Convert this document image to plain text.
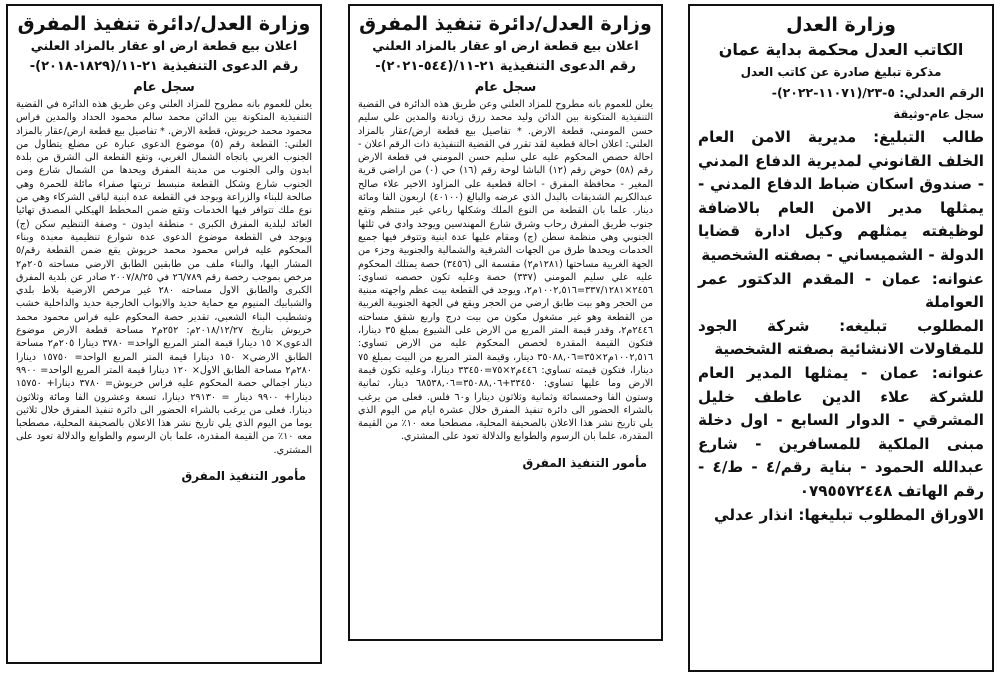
وزارة العدل
الكاتب العدل محكمة بداية عمان
مذكرة تبليغ صادرة عن كاتب العدل
الرقم العدلي: ٥-٢٣/(١١٠٧١-٢٠٢٢)-
سجل عام-وثيقة

طالب التبليغ: مديرية الامن العام الخلف القانوني لمديرية الدفاع المدني - صندوق اسكان ضباط الدفاع المدني - يمثلها مدير الامن العام بالاضافة لوظيفته يمثلهم وكيل ادارة قضايا الدولة - الشميساني - بصفته الشخصية

عنوانه: عمان - المقدم الدكتور عمر العواملة

المطلوب تبليغه: شركة الجود للمقاولات الانشائية بصفته الشخصية

عنوانه: عمان - يمثلها المدير العام للشركة علاء الدين عاطف خليل المشرقي - الدوار السابع - اول دخلة مبنى الملكية للمسافرين - شارع عبدالله الحمود - بناية رقم/٤ - ط/٤ - رقم الهاتف ٠٧٩٥٥٧٢٤٤٨

الاوراق المطلوب تبليغها: انذار عدلي

وزارة العدل/دائرة تنفيذ المفرق
اعلان بيع قطعة ارض او عقار بالمزاد العلني
رقم الدعوى التنفيذية ٢١-١١/(٥٤٤-٢٠٢١)-
سجل عام

يعلن للعموم بانه مطروح للمزاد العلني وعن طريق هذه الدائرة في القضية التنفيذية المتكونة بين الدائن وليد محمد رزق زيادنة والمدين علي سليم حسن المومني، قطعة الارض. * تفاصيل بيع قطعة ارض/عقار بالمزاد العلني: اعلان احالة قطعية لقد تقرر في القضية التنفيذية ذات الرقم اعلان - احالة حصص المحكوم عليه علي سليم حسن المومني في قطعة الارض رقم (٥٨) حوض رقم (١٢) الباشا لوحة رقم (١٦) حي (٠) من اراضي قرية المغير - محافظة المفرق - احالة قطعية على المزاود الاخير علاء صالح عبدالكريم الشديفات بالبدل الذي عرضه والبالغ (٤٠١٠٠) اربعون الفا ومائة دينار. علما بان القطعة من النوع الملك وشكلها رباعي غير منتظم وتقع جنوب طريق المفرق رحاب وشرق شارع المهندسين ويوجد وادي في ثلثها الجنوبي وهي منظمة سطن (ج) ومقام عليها عدة ابنية وتتوفر فيها جميع الخدمات ويحدها طرق من الجهات الشرقية والشمالية والجنوبية وجزء من الجهة الغربية مساحتها (١٢٨١م٢) مقسمة الى (٣٤٥٦) حصة يمتلك المحكوم عليه علي سليم المومني (٣٣٧) حصة وعليه تكون حصصه تساوي: ٢٤٥٦×٣٣٧/١٢٨١=١٠٠٢,٥١٦م٢، ويوجد في القطعة بيت عظم واجهته مبنية من الحجر وهو بيت طابق ارضي من الحجر ويقع في الجهة الجنوبية الغربية من القطعة وهو غير مشغول مكون من بيت درج واربع شقق مساحته ٢٤٤٦م٢، وقدر قيمة المتر المربع من الارض على الشيوع بمبلغ ٣٥ دينارا، فتكون القيمة المقدرة لحصص المحكوم عليه من الارض تساوي: ١٠٠٢,٥١٦م٢×٣٥=٣٥٠٨٨,٠٦ دينار، وقيمة المتر المربع من البيت بمبلغ ٧٥ دينارا، فتكون قيمته تساوي: ٤٤٦م٢×٧٥=٣٣٤٥٠ دينارا، وعليه تكون قيمة الارض وما عليها تساوي: ٣٣٤٥٠+٣٥٠٨٨,٠٦=٦٨٥٣٨,٠٦ دينار، ثمانية وستون الفا وخمسمائة وثمانية وثلاثون دينارا و٦٠ فلس. فعلى من يرغب بالشراء الحضور الى دائرة تنفيذ المفرق خلال عشرة ايام من اليوم الذي يلي تاريخ نشر هذا الاعلان بالصحيفة المحلية، مصطحبا معه ١٠٪ من القيمة المقدرة، علما بان الرسوم والطوابع والدلالة تعود على المشتري.

مأمور التنفيذ المفرق
وزارة العدل/دائرة تنفيذ المفرق
اعلان بيع قطعة ارض او عقار بالمزاد العلني
رقم الدعوى التنفيذية ٢١-١١/(١٨٢٩-٢٠١٨)-
سجل عام

يعلن للعموم بانه مطروح للمزاد العلني وعن طريق هذه الدائرة في القضية التنفيذية المتكونة بين الدائن محمد سالم محمود الحداد والمدين فراس محمود محمد خريوش، قطعة الارض. * تفاصيل بيع قطعة ارض/عقار بالمزاد العلني: القطعة رقم (٥) موضوع الدعوى عبارة عن مضلع يتطاول من الجنوب الغربي باتجاه الشمال الغربي، وتقع القطعة الى الشرق من بلدة ايدون والى الجنوب من مدينة المفرق ويحدها من الشمال شارع ومن الجنوب شارع وشكل القطعة منبسط تربتها صفراء مائلة للحمرة وهي صالحة للبناء والزراعة ويوجد في القطعة عدة ابنية لباقي الشركاء وهي من نوع ملك تتوافر فيها الخدمات وتقع ضمن المخطط الهيكلي المصدق تهائيا العائد لبلدية المفرق الكبرى - منطقة ايدون - وصفة التنظيم سكن (ج) ويوجد في القطعة موضوع الدعوى عدة شوارع تنظيمية معبدة وبناء المحكوم عليه فراس محمود محمد خريوش يقع ضمن القطعة رقم/٥ المشار اليها، والبناء ملف من طابقين الطابق الارضي مساحته ٢٠٥م٢ مرخص بموجب رخصة رقم ٢٦/٧٨٩ في ٢٠٠٧/٨/٢٥ صادر عن بلدية المفرق الكبرى والطابق الاول مساحته ٢٨٠ غير مرخص الارضية بلاط بلدي والشبابيك المنيوم مع حماية حديد والابواب الخارجية حديد والداخلية خشب وتشطيب البناء الشعبي، تقدير حصة المحكوم عليه فراس محمود محمد خريوش بتاريخ ٢٠١٨/١٢/٢٧م: ٢٥٢م٢ مساحة قطعة الارض موضوع الدعوى× ١٥ دينارا قيمة المتر المربع الواحد= ٣٧٨٠ دينارا ٢٠٥م٢ مساحة الطابق الارضي× ١٥٠ دينارا قيمة المتر المربع الواحد= ١٥٧٥٠ دينارا ٢٨٠م٢ مساحة الطابق الاول× ١٢٠ دينارا قيمة المتر المربع الواحد= ٩٩٠٠ دينار اجمالي حصة المحكوم عليه فراس خريوش= ٣٧٨٠ دينارا+ ١٥٧٥٠ دينارا+ ٩٩٠٠ دينار = ٢٩١٣٠ دينارا، تسعة وعشرون الفا ومائة وثلاثون دينارا. فعلى من يرغب بالشراء الحضور الى دائرة تنفيذ المفرق خلال ثلاثين يوما من اليوم الذي يلي تاريخ نشر هذا الاعلان بالصحيفة المحلية، مصطحبا معه ١٠٪ من القيمة المقدرة، علما بان الرسوم والطوابع والدلالة تعود على المشتري.

مأمور التنفيذ المفرق
